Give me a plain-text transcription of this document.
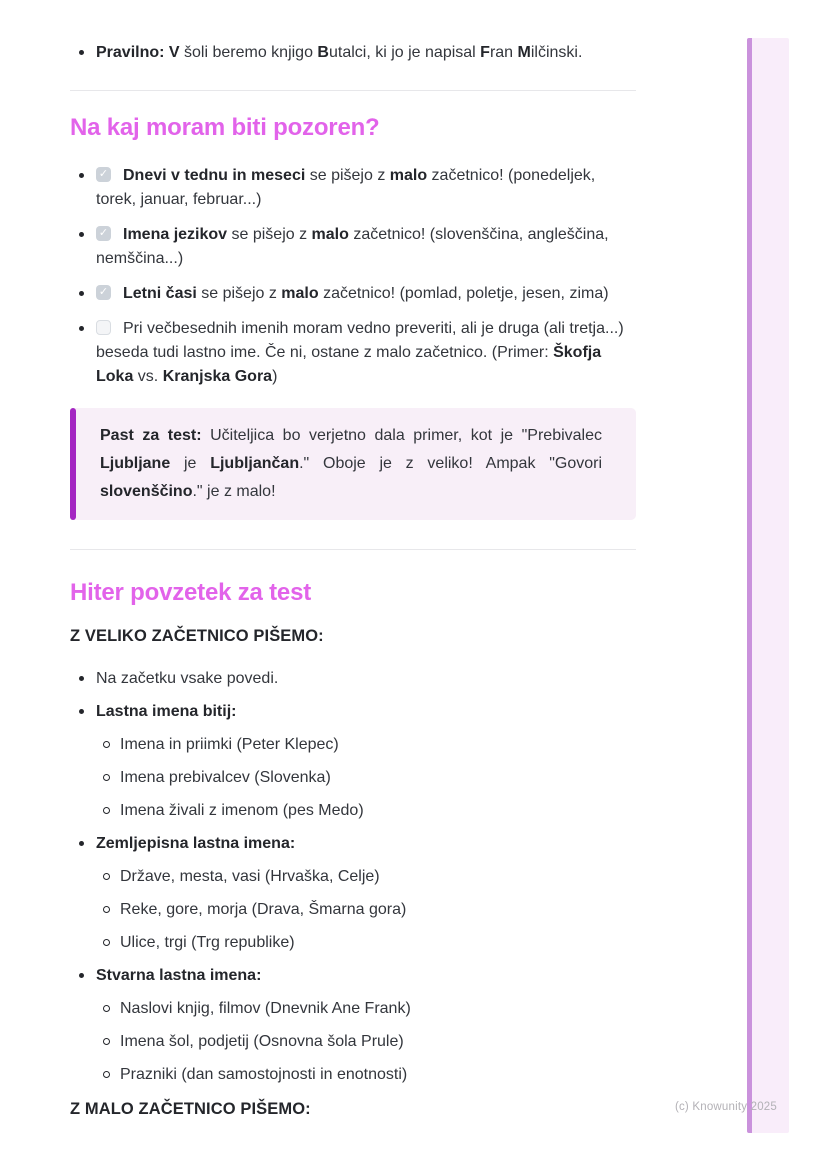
Pravilno: V šoli beremo knjigo Butalci, ki jo je napisal Fran Milčinski.
Na kaj moram biti pozoren?
✓Dnevi v tednu in meseci se pišejo z malo začetnico! (ponedeljek, torek, januar, februar...)
✓Imena jezikov se pišejo z malo začetnico! (slovenščina, angleščina, nemščina...)
✓Letni časi se pišejo z malo začetnico! (pomlad, poletje, jesen, zima)
Pri večbesednih imenih moram vedno preveriti, ali je druga (ali tretja...) beseda tudi lastno ime. Če ni, ostane z malo začetnico. (Primer: Škofja Loka vs. Kranjska Gora)
Past za test: Učiteljica bo verjetno dala primer, kot je "Prebivalec Ljubljane je Ljubljančan." Oboje je z veliko! Ampak "Govori slovenščino." je z malo!
Hiter povzetek za test

Z VELIKO ZAČETNICO PIŠEMO:

Na začetku vsake povedi.
Lastna imena bitij:
Imena in priimki (Peter Klepec)
Imena prebivalcev (Slovenka)
Imena živali z imenom (pes Medo)
Zemljepisna lastna imena:
Države, mesta, vasi (Hrvaška, Celje)
Reke, gore, morja (Drava, Šmarna gora)
Ulice, trgi (Trg republike)
Stvarna lastna imena:
Naslovi knjig, filmov (Dnevnik Ane Frank)
Imena šol, podjetij (Osnovna šola Prule)
Prazniki (dan samostojnosti in enotnosti)

Z MALO ZAČETNICO PIŠEMO:	(c) Knowunity 2025
